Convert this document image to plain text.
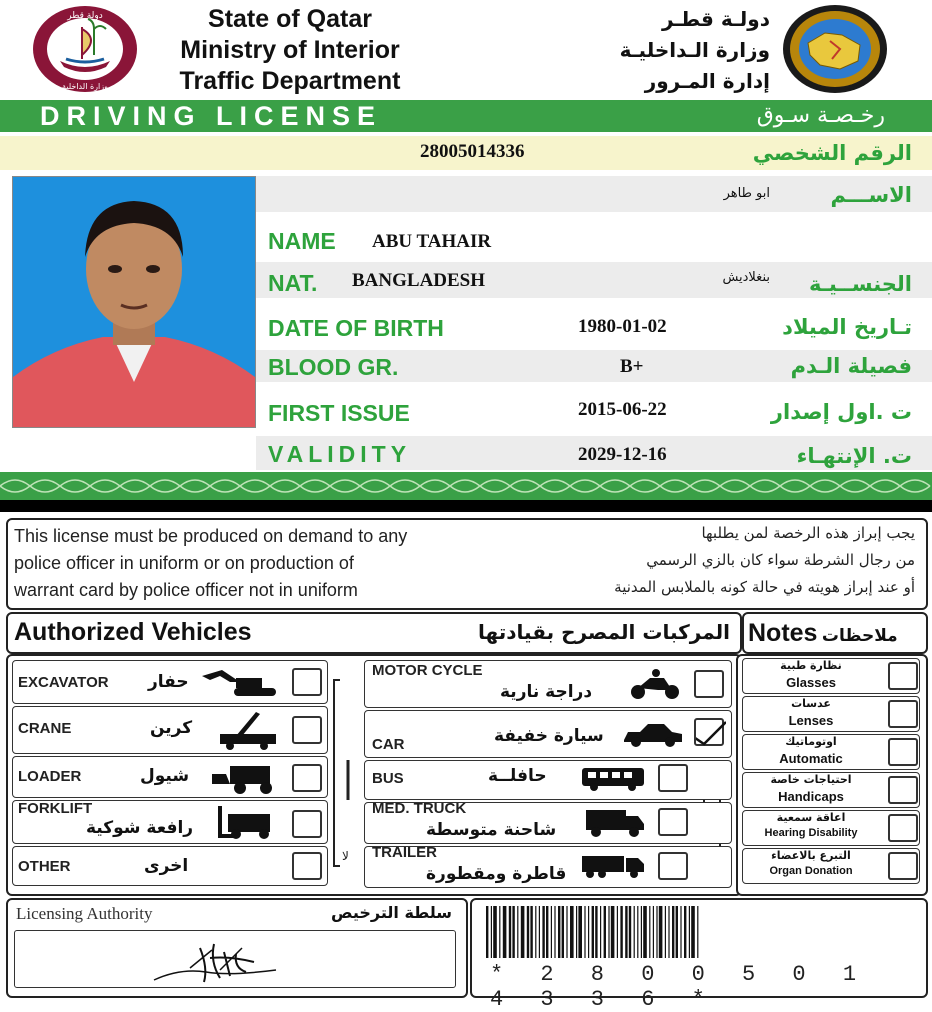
دولة قطر
وزارة الداخلية
State of Qatar
Ministry of Interior
Traffic Department
دولـة قطـر
وزارة الـداخليـة
إدارة المـرور
DRIVING LICENSE	رخـصـة سـوق
28005014336	الرقم الشخصي
ابو طاهر	الاســـم
NAME ABU TAHAIR
NAT. BANGLADESH	بنغلاديش	الجنســيـة
DATE OF BIRTH	1980-01-02	تـاريخ الميلاد
BLOOD GR.	B+	فصيلة الـدم
FIRST ISSUE	2015-06-22	ت .اول إصدار
VALIDITY	2029-12-16	ت. الإنتهـاء
This license must be produced on demand to any
police officer in uniform or on production of
warrant card by police officer not in uniform
يجب إبراز هذه الرخصة لمن يطلبها
من رجال الشرطة سواء كان بالزي الرسمي
أو عند إبراز هويته في حالة كونه بالملابس المدنية
Authorized Vehicles	المركبات المصرح بقيادتها Notes ملاحظات
لا
EXCAVATOR حفار
CRANE	كرين
LOADER	شيول
FORKLIFT
رافعة شوكية
OTHER	اخرى
MOTOR CYCLE
دراجة نارية
CAR	سيارة خفيفة
BUS	حافلــة
MED. TRUCK
شاحنة متوسطة
TRAILER
قاطرة ومقطورة
نظارة طبية
Glasses
عدسات
Lenses
اوتوماتيك
Automatic
احتياجات خاصة
Handicaps
اعاقة سمعية
Hearing Disability
التبرع بالاعضاء
Organ Donation
Licensing Authority	سلطة الترخيص
* 2 8 0 0 5 0 1 4 3 3 6 *
